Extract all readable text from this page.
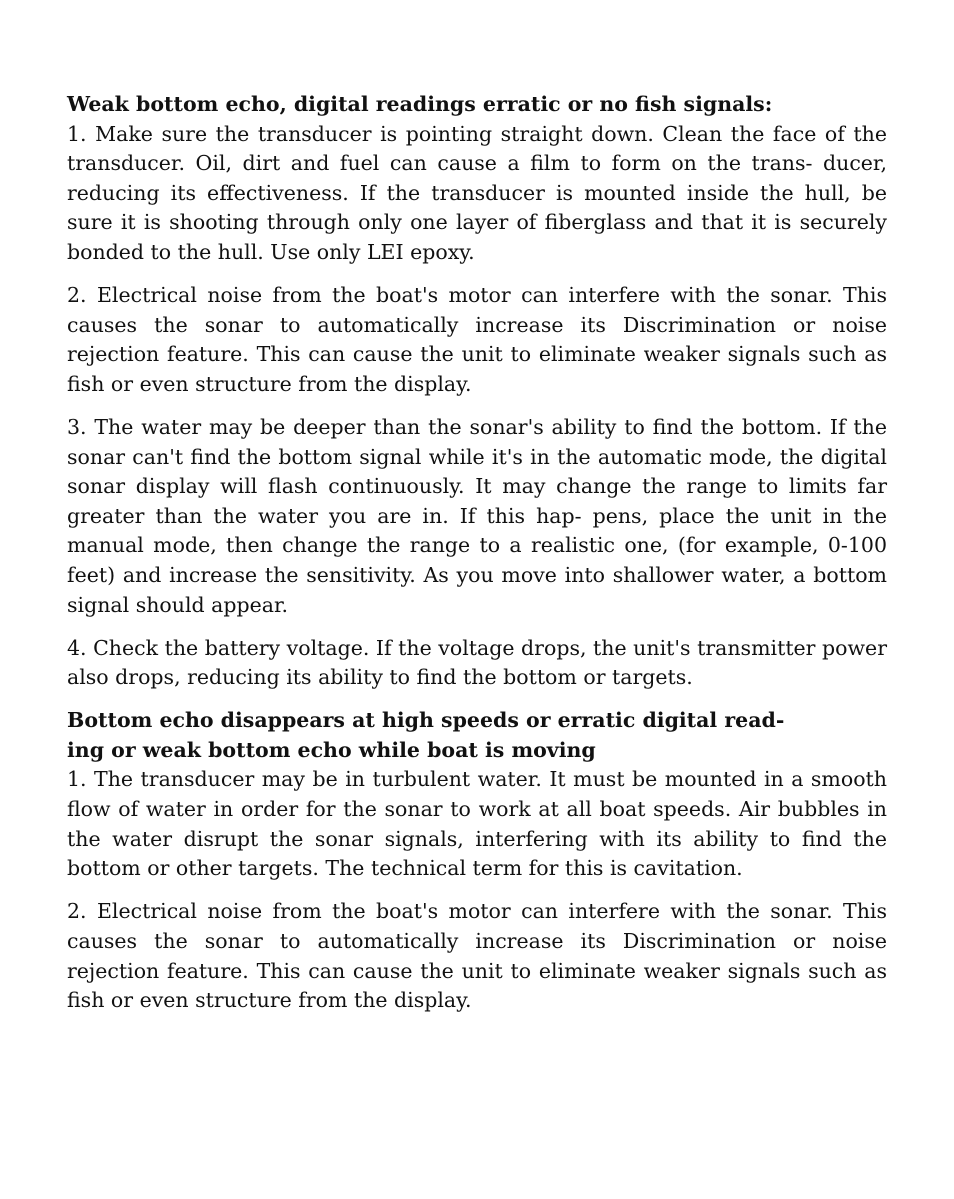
Weak bottom echo, digital readings erratic or no fish signals:

1. Make sure the transducer is pointing straight down. Clean the face of the transducer. Oil, dirt and fuel can cause a film to form on the trans- ducer, reducing its effectiveness. If the transducer is mounted inside the hull, be sure it is shooting through only one layer of fiberglass and that it is securely bonded to the hull. Use only LEI epoxy.

2. Electrical noise from the boat's motor can interfere with the sonar. This causes the sonar to automatically increase its Discrimination or noise rejection feature. This can cause the unit to eliminate weaker signals such as fish or even structure from the display.

3. The water may be deeper than the sonar's ability to find the bottom. If the sonar can't find the bottom signal while it's in the automatic mode, the digital sonar display will flash continuously. It may change the range to limits far greater than the water you are in. If this hap- pens, place the unit in the manual mode, then change the range to a realistic one, (for example, 0-100 feet) and increase the sensitivity. As you move into shallower water, a bottom signal should appear.

4. Check the battery voltage. If the voltage drops, the unit's transmitter power also drops, reducing its ability to find the bottom or targets.

Bottom echo disappears at high speeds or erratic digital read-
ing or weak bottom echo while boat is moving

1. The transducer may be in turbulent water. It must be mounted in a smooth flow of water in order for the sonar to work at all boat speeds. Air bubbles in the water disrupt the sonar signals, interfering with its ability to find the bottom or other targets. The technical term for this is cavitation.

2. Electrical noise from the boat's motor can interfere with the sonar. This causes the sonar to automatically increase its Discrimination or noise rejection feature. This can cause the unit to eliminate weaker signals such as fish or even structure from the display.
